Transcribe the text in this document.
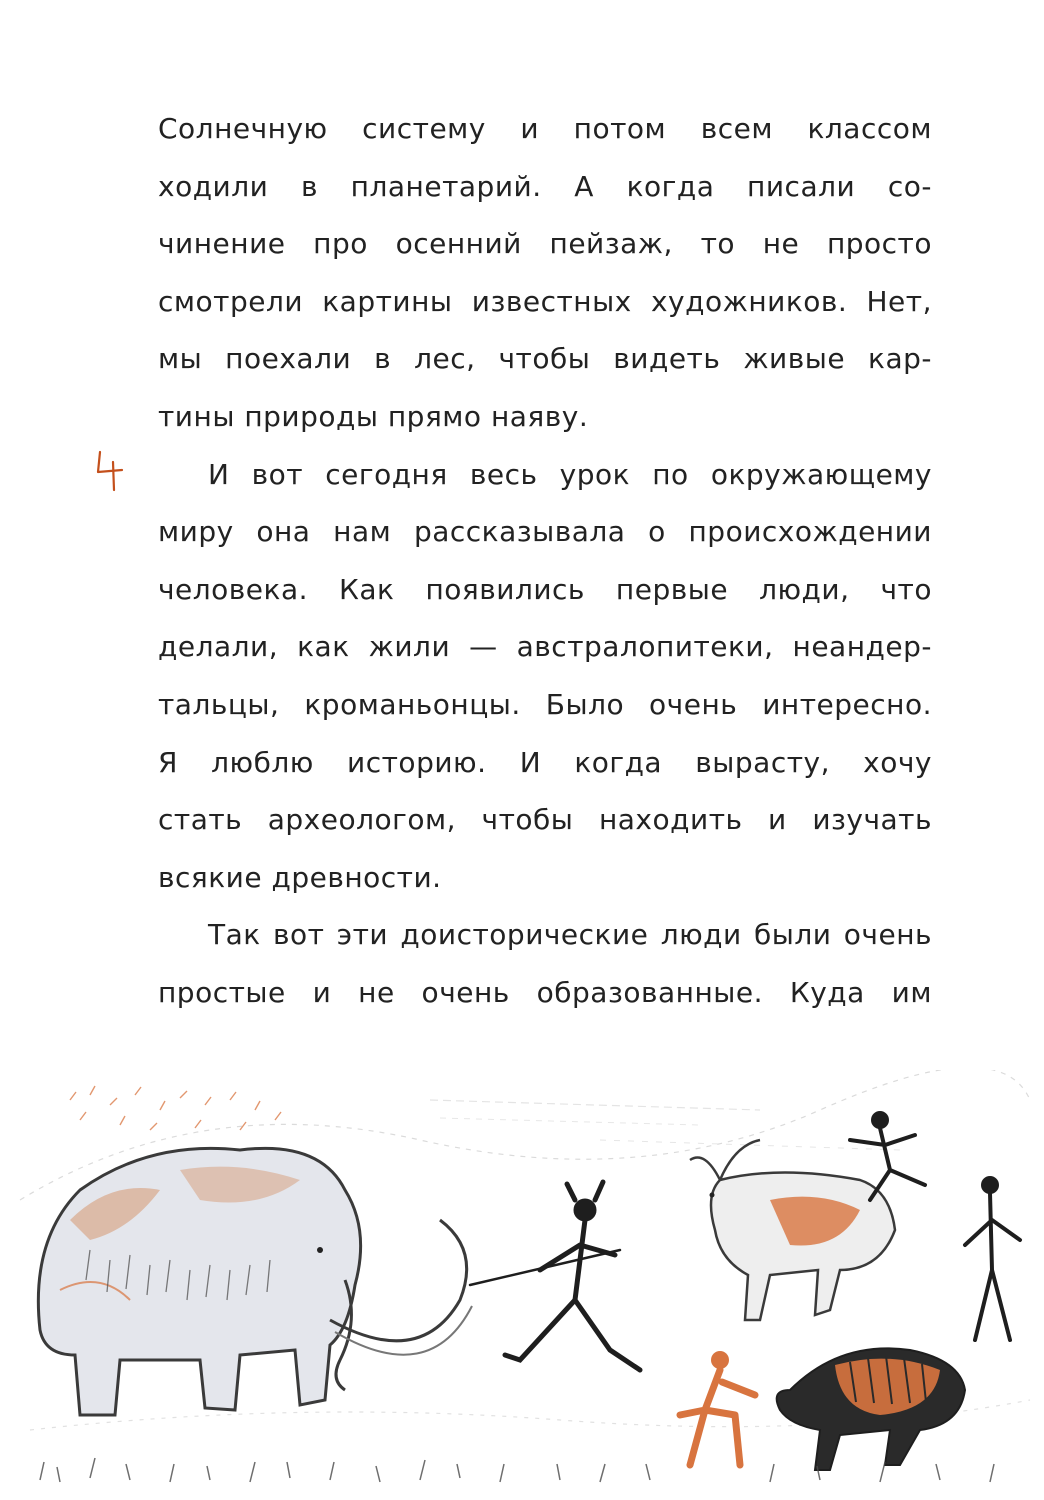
Солнечную систему и потом всем классом
ходили в планетарий. А когда писали со-
чинение про осенний пейзаж, то не просто
смотрели картины известных художников. Нет,
мы поехали в лес, чтобы видеть живые кар-
тины природы прямо наяву.
И вот сегодня весь урок по окружающему
миру она нам рассказывала о происхождении
человека. Как появились первые люди, что
делали, как жили — австралопитеки, неандер-
тальцы, кроманьонцы. Было очень интересно.
Я люблю историю. И когда вырасту, хочу
стать археологом, чтобы находить и изучать
всякие древности.
Так вот эти доисторические люди были очень
простые и не очень образованные. Куда им
